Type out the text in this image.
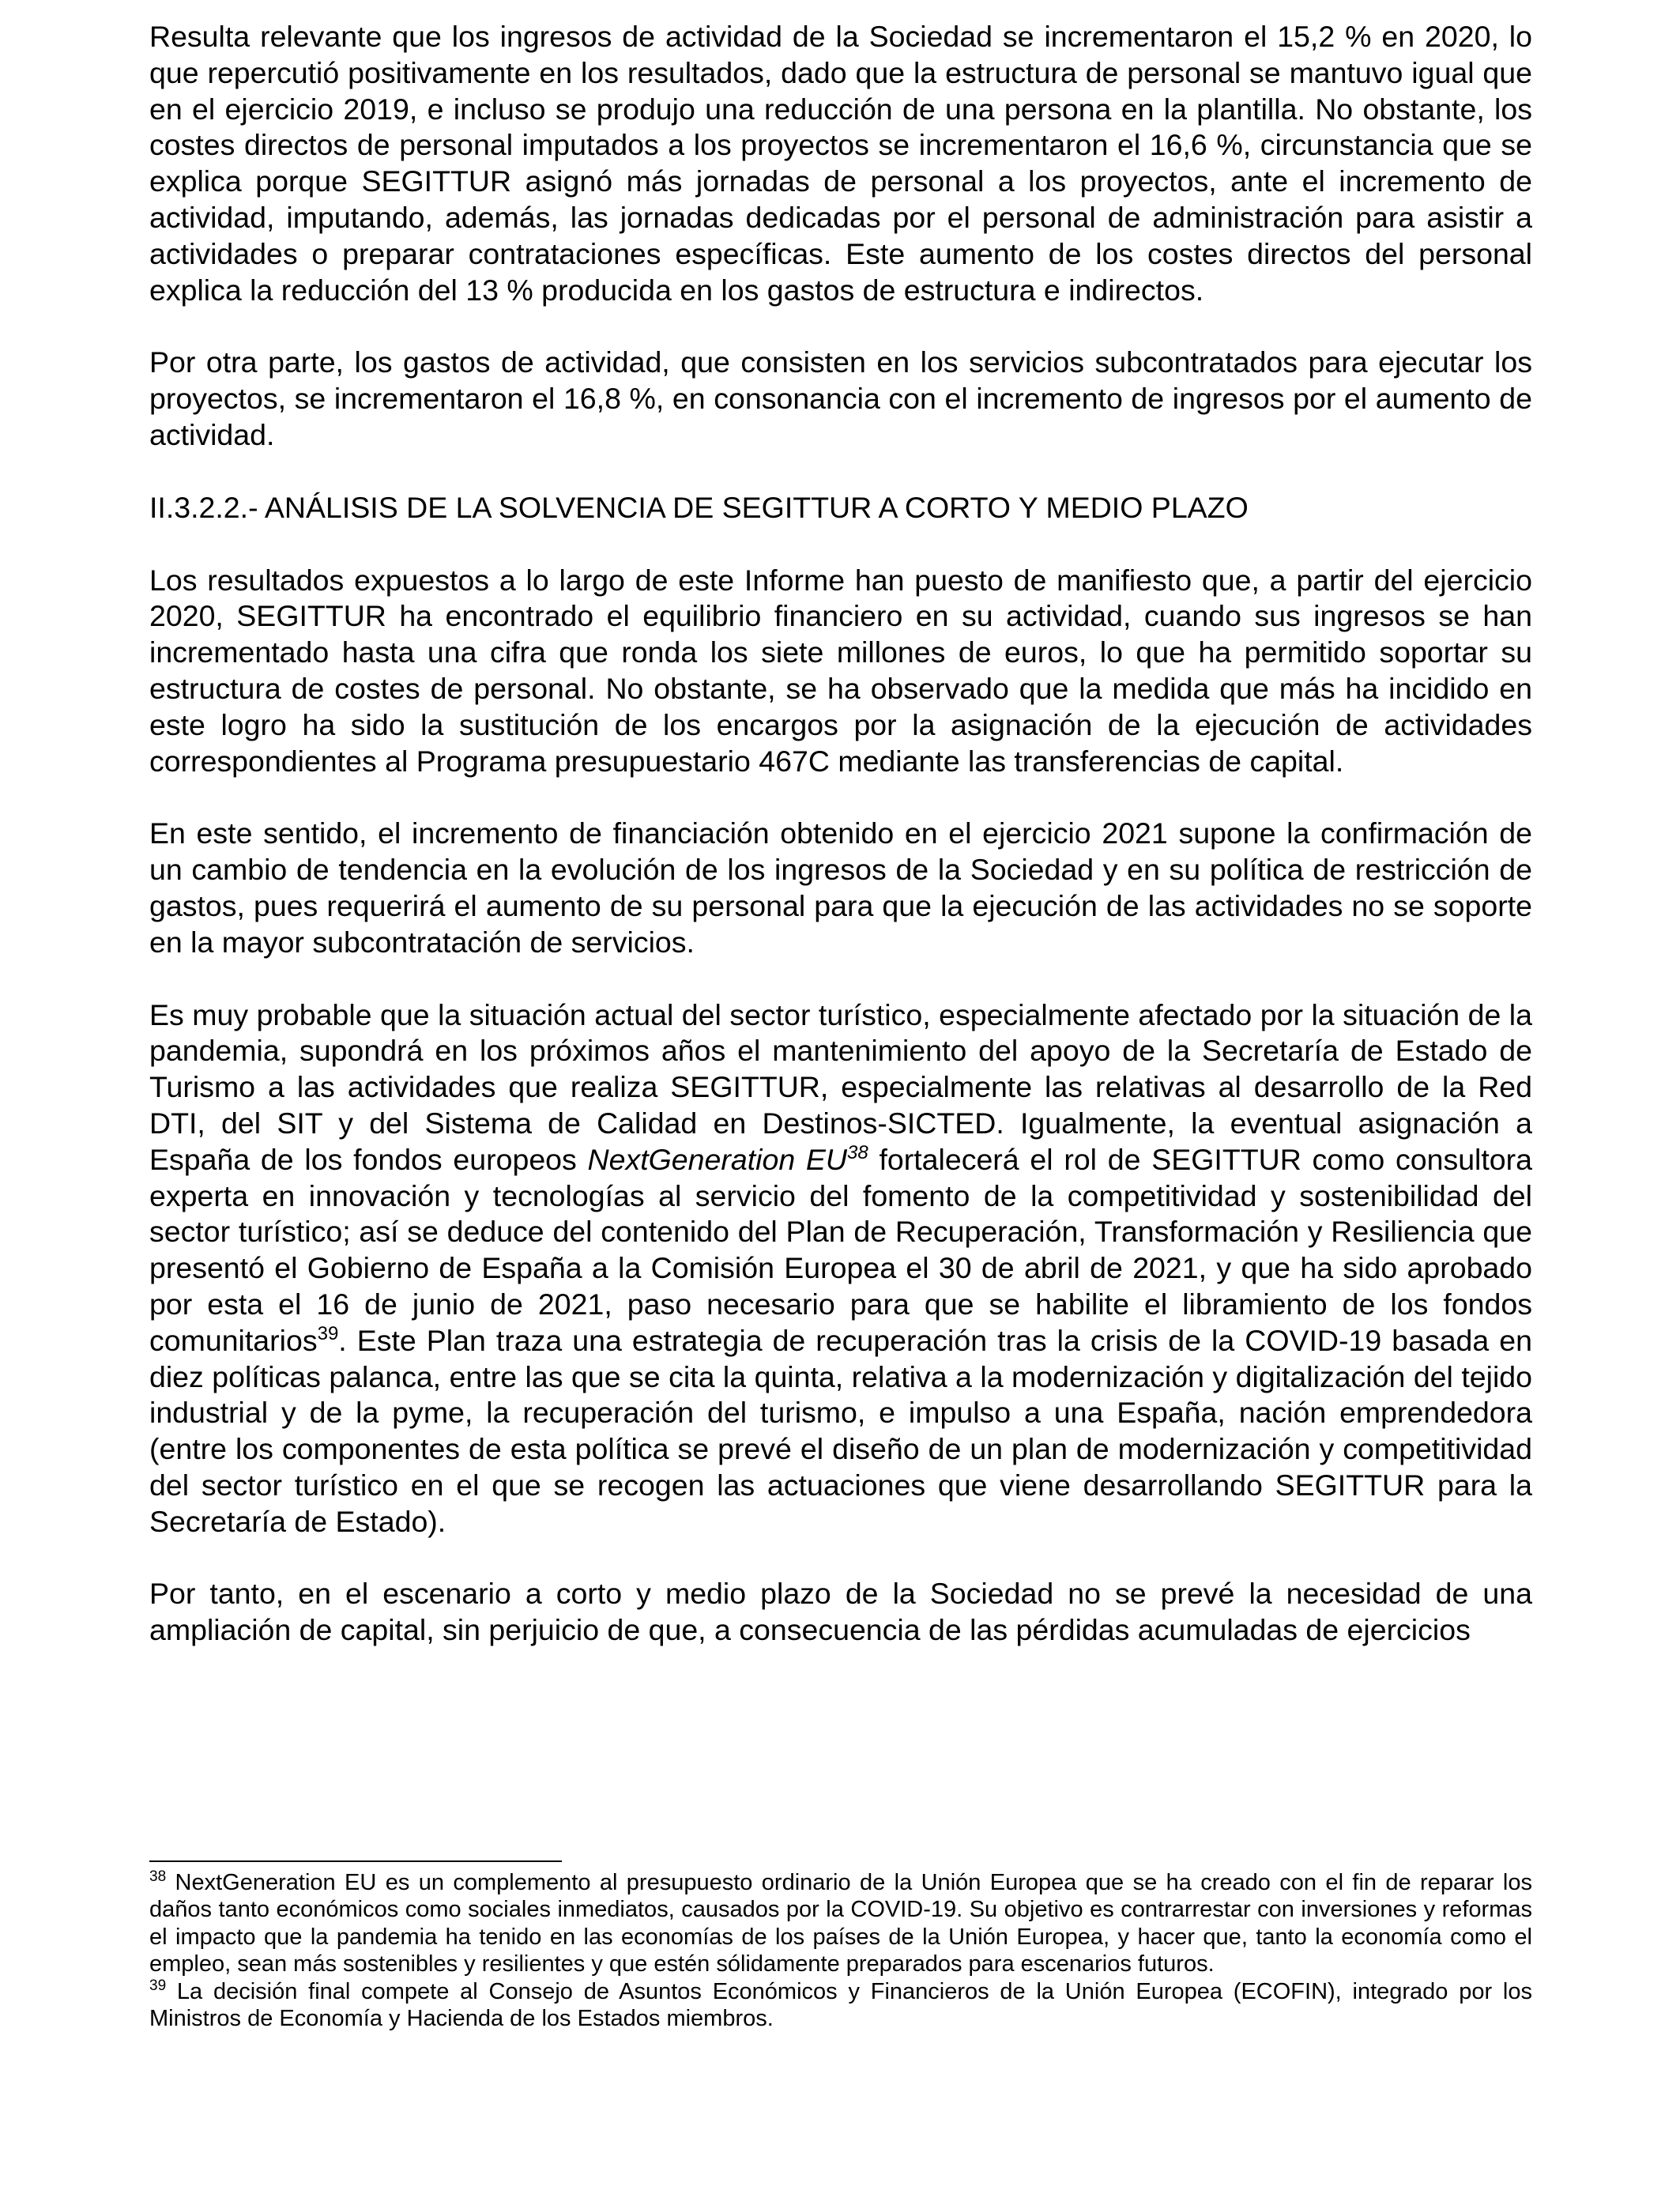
Resulta relevante que los ingresos de actividad de la Sociedad se incrementaron el 15,2 % en 2020, lo que repercutió positivamente en los resultados, dado que la estructura de personal se mantuvo igual que en el ejercicio 2019, e incluso se produjo una reducción de una persona en la plantilla. No obstante, los costes directos de personal imputados a los proyectos se incrementaron el 16,6 %, circunstancia que se explica porque SEGITTUR asignó más jornadas de personal a los proyectos, ante el incremento de actividad, imputando, además, las jornadas dedicadas por el personal de administración para asistir a actividades o preparar contrataciones específicas. Este aumento de los costes directos del personal explica la reducción del 13 % producida en los gastos de estructura e indirectos.

Por otra parte, los gastos de actividad, que consisten en los servicios subcontratados para ejecutar los proyectos, se incrementaron el 16,8 %, en consonancia con el incremento de ingresos por el aumento de actividad.

II.3.2.2.- ANÁLISIS DE LA SOLVENCIA DE SEGITTUR A CORTO Y MEDIO PLAZO

Los resultados expuestos a lo largo de este Informe han puesto de manifiesto que, a partir del ejercicio 2020, SEGITTUR ha encontrado el equilibrio financiero en su actividad, cuando sus ingresos se han incrementado hasta una cifra que ronda los siete millones de euros, lo que ha permitido soportar su estructura de costes de personal. No obstante, se ha observado que la medida que más ha incidido en este logro ha sido la sustitución de los encargos por la asignación de la ejecución de actividades correspondientes al Programa presupuestario 467C mediante las transferencias de capital.

En este sentido, el incremento de financiación obtenido en el ejercicio 2021 supone la confirmación de un cambio de tendencia en la evolución de los ingresos de la Sociedad y en su política de restricción de gastos, pues requerirá el aumento de su personal para que la ejecución de las actividades no se soporte en la mayor subcontratación de servicios.

Es muy probable que la situación actual del sector turístico, especialmente afectado por la situación de la pandemia, supondrá en los próximos años el mantenimiento del apoyo de la Secretaría de Estado de Turismo a las actividades que realiza SEGITTUR, especialmente las relativas al desarrollo de la Red DTI, del SIT y del Sistema de Calidad en Destinos-SICTED. Igualmente, la eventual asignación a España de los fondos europeos NextGeneration EU$^{38}$ fortalecerá el rol de SEGITTUR como consultora experta en innovación y tecnologías al servicio del fomento de la competitividad y sostenibilidad del sector turístico; así se deduce del contenido del Plan de Recuperación, Transformación y Resiliencia que presentó el Gobierno de España a la Comisión Europea el 30 de abril de 2021, y que ha sido aprobado por esta el 16 de junio de 2021, paso necesario para que se habilite el libramiento de los fondos comunitarios$^{39}$. Este Plan traza una estrategia de recuperación tras la crisis de la COVID-19 basada en diez políticas palanca, entre las que se cita la quinta, relativa a la modernización y digitalización del tejido industrial y de la pyme, la recuperación del turismo, e impulso a una España, nación emprendedora (entre los componentes de esta política se prevé el diseño de un plan de modernización y competitividad del sector turístico en el que se recogen las actuaciones que viene desarrollando SEGITTUR para la Secretaría de Estado).

Por tanto, en el escenario a corto y medio plazo de la Sociedad no se prevé la necesidad de una ampliación de capital, sin perjuicio de que, a consecuencia de las pérdidas acumuladas de ejercicios

$^{38}$ NextGeneration EU es un complemento al presupuesto ordinario de la Unión Europea que se ha creado con el fin de reparar los daños tanto económicos como sociales inmediatos, causados por la COVID-19. Su objetivo es contrarrestar con inversiones y reformas el impacto que la pandemia ha tenido en las economías de los países de la Unión Europea, y hacer que, tanto la economía como el empleo, sean más sostenibles y resilientes y que estén sólidamente preparados para escenarios futuros.

$^{39}$ La decisión final compete al Consejo de Asuntos Económicos y Financieros de la Unión Europea (ECOFIN), integrado por los Ministros de Economía y Hacienda de los Estados miembros.
